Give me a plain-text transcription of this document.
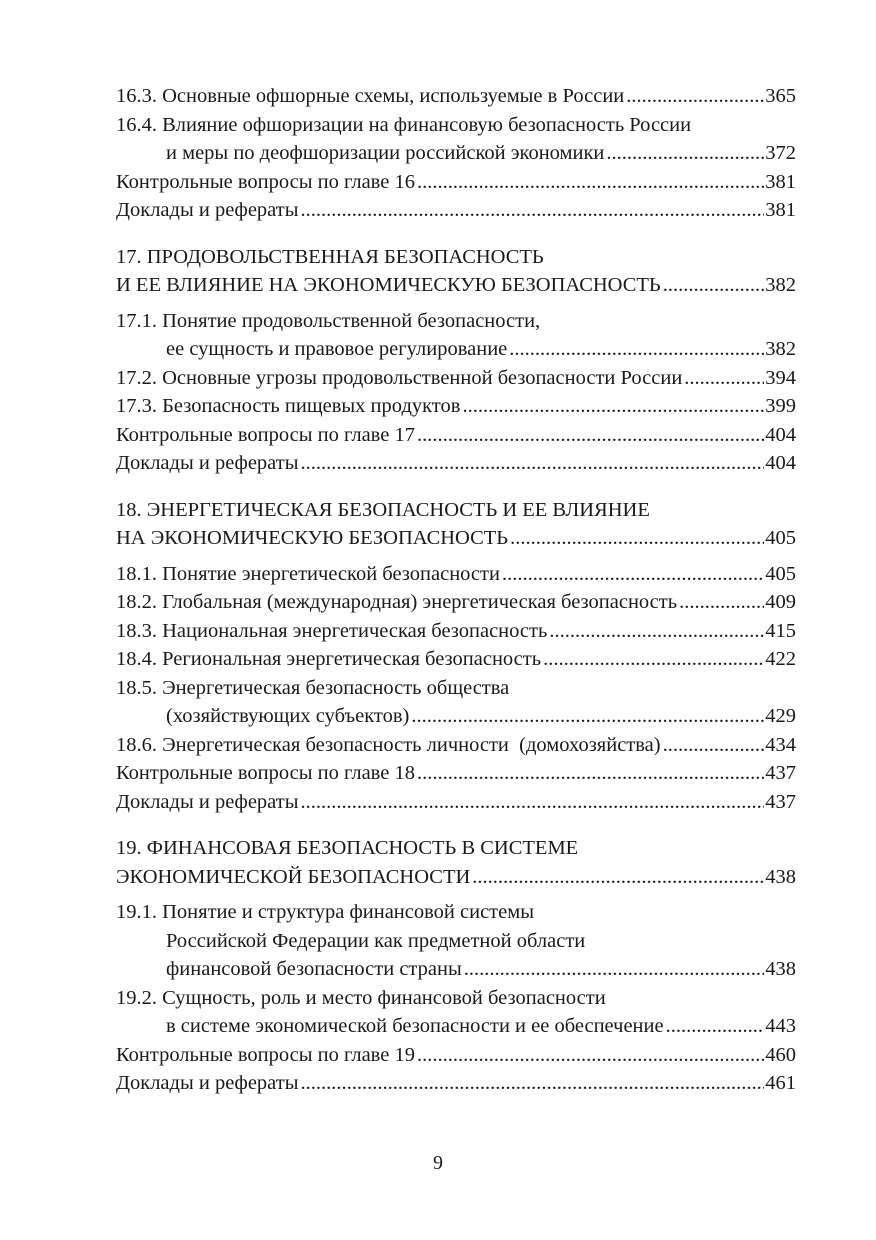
16.3. Основные офшорные схемы, используемые в России .....	365
16.4. Влияние офшоризации на финансовую безопасность России
и меры по деофшоризации российской экономики .....	372
Контрольные вопросы по главе 16 .....	381
Доклады и рефераты .....	381
17. ПРОДОВОЛЬСТВЕННАЯ БЕЗОПАСНОСТЬ
И ЕЕ ВЛИЯНИЕ НА ЭКОНОМИЧЕСКУЮ БЕЗОПАСНОСТЬ .....	382
17.1. Понятие продовольственной безопасности,
ее сущность и правовое регулирование .....	382
17.2. Основные угрозы продовольственной безопасности России .....	394
17.3. Безопасность пищевых продуктов .....	399
Контрольные вопросы по главе 17 .....	404
Доклады и рефераты .....	404
18. ЭНЕРГЕТИЧЕСКАЯ БЕЗОПАСНОСТЬ И ЕЕ ВЛИЯНИЕ
НА ЭКОНОМИЧЕСКУЮ БЕЗОПАСНОСТЬ .....	405
18.1. Понятие энергетической безопасности .....	405
18.2. Глобальная (международная) энергетическая безопасность .....	409
18.3. Национальная энергетическая безопасность .....	415
18.4. Региональная энергетическая безопасность .....	422
18.5. Энергетическая безопасность общества
(хозяйствующих субъектов) .....	429
18.6. Энергетическая безопасность личности  (домохозяйства) .....	434
Контрольные вопросы по главе 18 .....	437
Доклады и рефераты .....	437
19. ФИНАНСОВАЯ БЕЗОПАСНОСТЬ В СИСТЕМЕ
ЭКОНОМИЧЕСКОЙ БЕЗОПАСНОСТИ .....	438
19.1. Понятие и структура финансовой системы
Российской Федерации как предметной области
финансовой безопасности страны .....	438
19.2. Сущность, роль и место финансовой безопасности
в системе экономической безопасности и ее обеспечение .....	443
Контрольные вопросы по главе 19 .....	460
Доклады и рефераты .....	461
9
